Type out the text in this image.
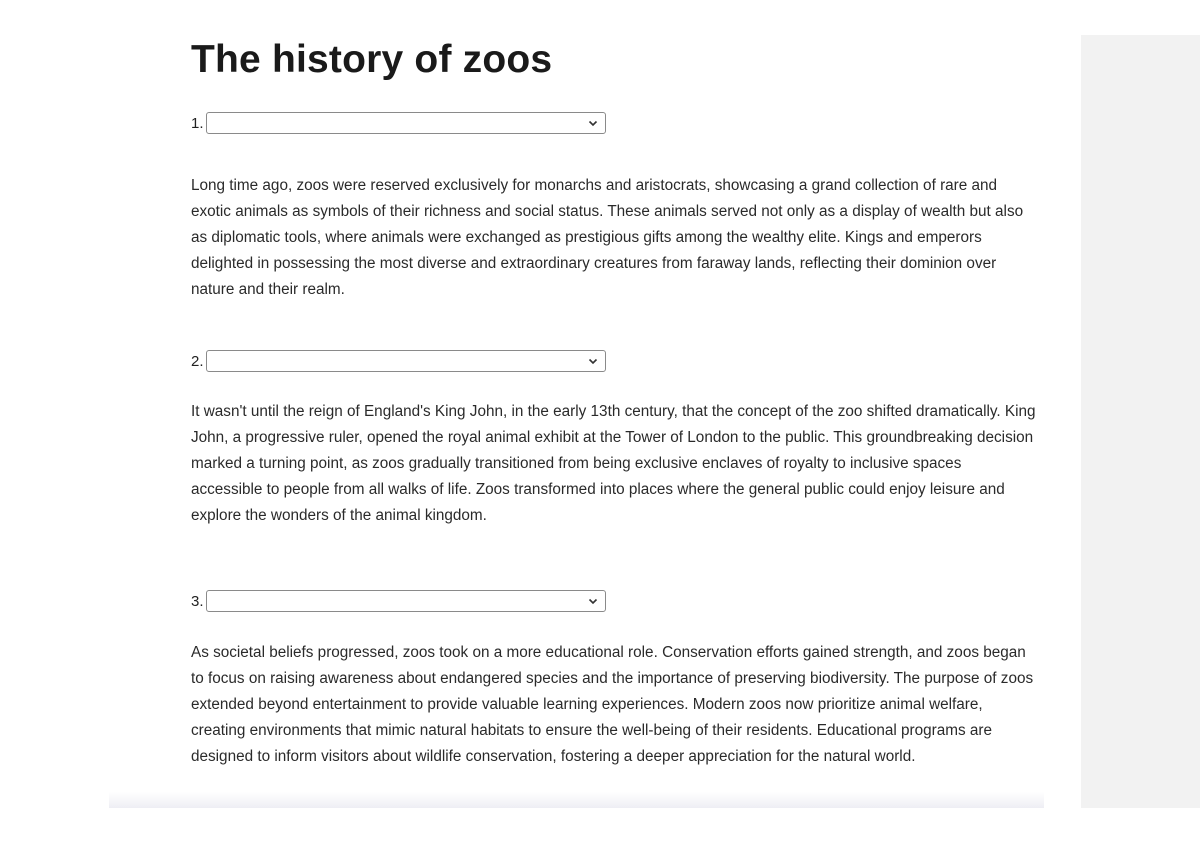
The history of zoos
1.

Long time ago, zoos were reserved exclusively for monarchs and aristocrats, showcasing a grand collection of rare and exotic animals as symbols of their richness and social status. These animals served not only as a display of wealth but also as diplomatic tools, where animals were exchanged as prestigious gifts among the wealthy elite. Kings and emperors delighted in possessing the most diverse and extraordinary creatures from faraway lands, reflecting their dominion over nature and their realm.

2.

It wasn't until the reign of England's King John, in the early 13th century, that the concept of the zoo shifted dramatically. King John, a progressive ruler, opened the royal animal exhibit at the Tower of London to the public. This groundbreaking decision marked a turning point, as zoos gradually transitioned from being exclusive enclaves of royalty to inclusive spaces accessible to people from all walks of life. Zoos transformed into places where the general public could enjoy leisure and explore the wonders of the animal kingdom.

3.

As societal beliefs progressed, zoos took on a more educational role. Conservation efforts gained strength, and zoos began to focus on raising awareness about endangered species and the importance of preserving biodiversity. The purpose of zoos extended beyond entertainment to provide valuable learning experiences. Modern zoos now prioritize animal welfare, creating environments that mimic natural habitats to ensure the well-being of their residents. Educational programs are designed to inform visitors about wildlife conservation, fostering a deeper appreciation for the natural world.
